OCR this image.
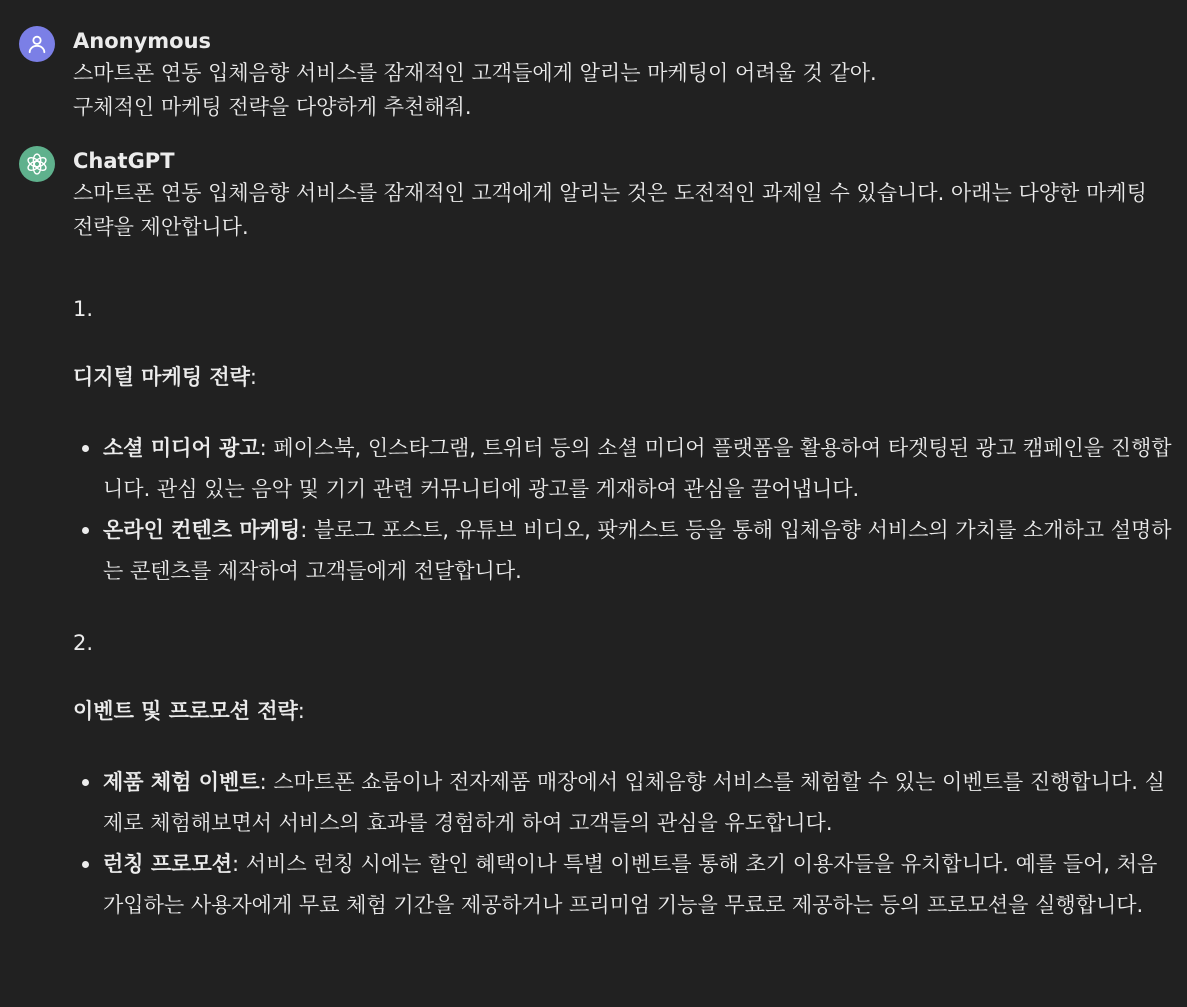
Anonymous

스마트폰 연동 입체음향 서비스를 잠재적인 고객들에게 알리는 마케팅이 어려울 것 같아.

구체적인 마케팅 전략을 다양하게 추천해줘.

ChatGPT

스마트폰 연동 입체음향 서비스를 잠재적인 고객에게 알리는 것은 도전적인 과제일 수 있습니다. 아래는 다양한 마케팅 전략을 제안합니다.

1.

디지털 마케팅 전략:

소셜 미디어 광고: 페이스북, 인스타그램, 트위터 등의 소셜 미디어 플랫폼을 활용하여 타겟팅된 광고 캠페인을 진행합니다. 관심 있는 음악 및 기기 관련 커뮤니티에 광고를 게재하여 관심을 끌어냅니다.
온라인 컨텐츠 마케팅: 블로그 포스트, 유튜브 비디오, 팟캐스트 등을 통해 입체음향 서비스의 가치를 소개하고 설명하는 콘텐츠를 제작하여 고객들에게 전달합니다.

2.

이벤트 및 프로모션 전략:

제품 체험 이벤트: 스마트폰 쇼룸이나 전자제품 매장에서 입체음향 서비스를 체험할 수 있는 이벤트를 진행합니다. 실제로 체험해보면서 서비스의 효과를 경험하게 하여 고객들의 관심을 유도합니다.
런칭 프로모션: 서비스 런칭 시에는 할인 혜택이나 특별 이벤트를 통해 초기 이용자들을 유치합니다. 예를 들어, 처음 가입하는 사용자에게 무료 체험 기간을 제공하거나 프리미엄 기능을 무료로 제공하는 등의 프로모션을 실행합니다.
